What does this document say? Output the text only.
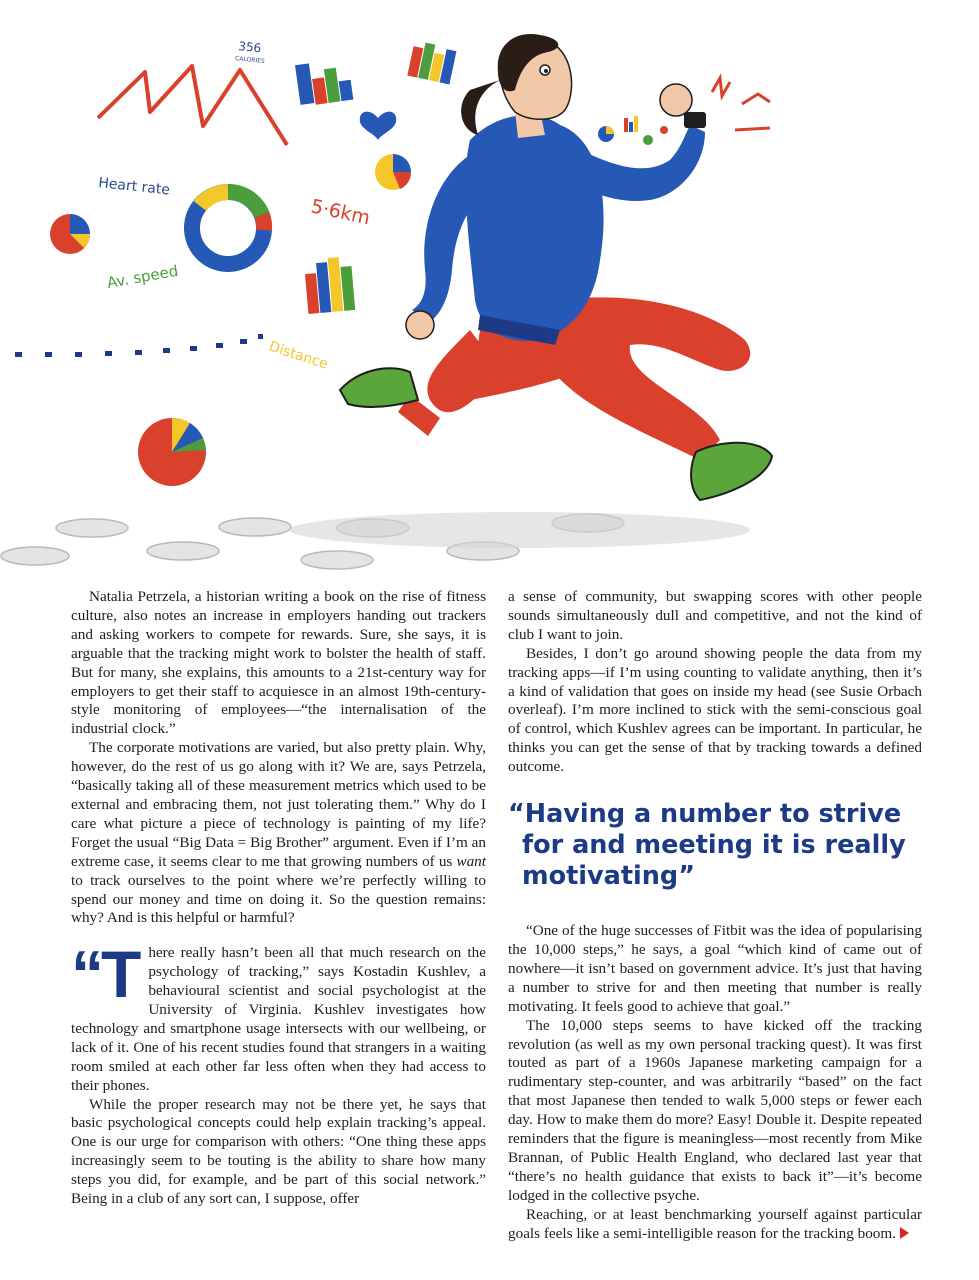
356
CALORIES
Heart rate
5·6km
Av. speed
Distance

Natalia Petrzela, a historian writing a book on the rise of fitness culture, also notes an increase in employers handing out trackers and asking workers to compete for rewards. Sure, she says, it is arguable that the tracking might work to bolster the health of staff. But for many, she explains, this amounts to a 21st-century way for employers to get their staff to acquiesce in an almost 19th-century-style monitoring of employees—“the internalisation of the industrial clock.”

The corporate motivations are varied, but also pretty plain. Why, however, do the rest of us go along with it? We are, says Petrzela, “basically taking all of these measurement metrics which used to be external and embracing them, not just tolerating them.” Why do I care what picture a piece of technology is painting of my life? Forget the usual “Big Data = Big Brother” argument. Even if I’m an extreme case, it seems clear to me that growing numbers of us want to track ourselves to the point where we’re perfectly willing to spend our money and time on doing it. So the question remains: why? And is this helpful or harmful?

“There really hasn’t been all that much research on the psychology of tracking,” says Kostadin Kushlev, a behavioural scientist and social psychologist at the University of Virginia. Kushlev investigates how technology and smartphone usage intersects with our wellbeing, or lack of it. One of his recent studies found that strangers in a waiting room smiled at each other far less often when they had access to their phones.

While the proper research may not be there yet, he says that basic psychological concepts could help explain tracking’s appeal. One is our urge for comparison with others: “One thing these apps increasingly seem to be touting is the ability to share how many steps you did, for example, and be part of this social network.” Being in a club of any sort can, I suppose, offer

a sense of community, but swapping scores with other people sounds simultaneously dull and competitive, and not the kind of club I want to join.

Besides, I don’t go around showing people the data from my tracking apps—if I’m using counting to validate anything, then it’s a kind of validation that goes on inside my head (see Susie Orbach overleaf). I’m more inclined to stick with the semi-conscious goal of control, which Kushlev agrees can be important. In particular, he thinks you can get the sense of that by tracking towards a defined outcome.

“Having a number to strive for and meeting it is really motivating”

“One of the huge successes of Fitbit was the idea of popularising the 10,000 steps,” he says, a goal “which kind of came out of nowhere—it isn’t based on government advice. It’s just that having a number to strive for and then meeting that number is really motivating. It feels good to achieve that goal.”

The 10,000 steps seems to have kicked off the tracking revolution (as well as my own personal tracking quest). It was first touted as part of a 1960s Japanese marketing campaign for a rudimentary step-counter, and was arbitrarily “based” on the fact that most Japanese then tended to walk 5,000 steps or fewer each day. How to make them do more? Easy! Double it. Despite repeated reminders that the figure is meaningless—most recently from Mike Brannan, of Public Health England, who declared last year that “there’s no health guidance that exists to back it”—it’s become lodged in the collective psyche.

Reaching, or at least benchmarking yourself against particular goals feels like a semi-intelligible reason for the tracking boom.
